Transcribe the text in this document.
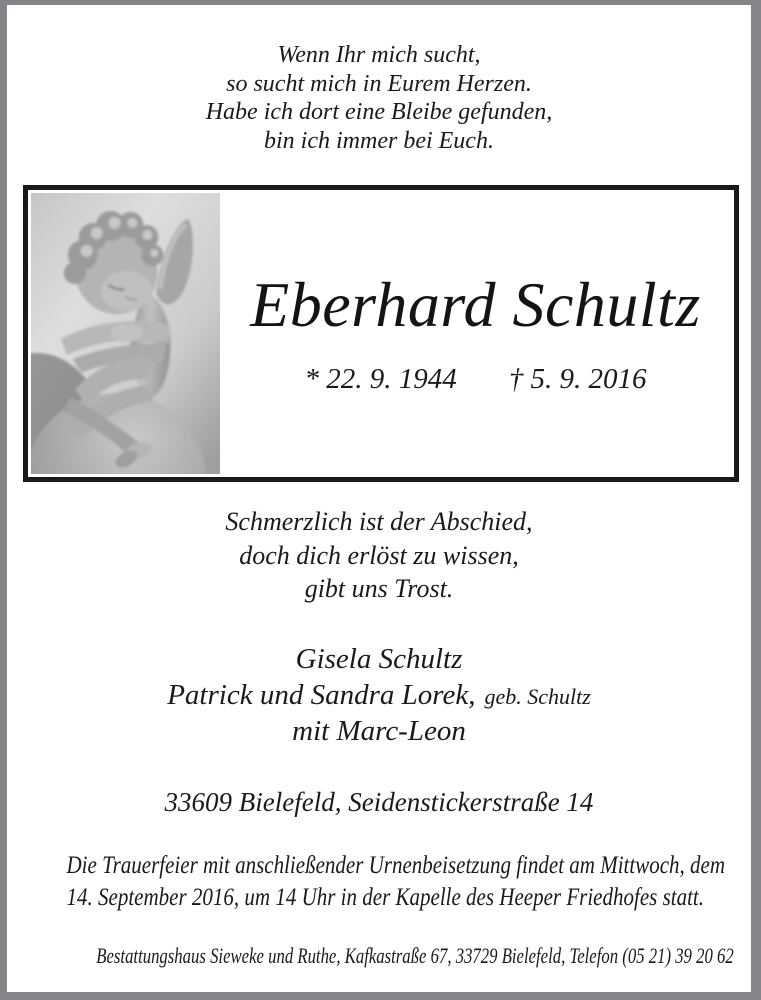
Wenn Ihr mich sucht,
so sucht mich in Eurem Herzen.
Habe ich dort eine Bleibe gefunden,
bin ich immer bei Euch.
Eberhard Schultz
* 22. 9. 1944 † 5. 9. 2016
Schmerzlich ist der Abschied,
doch dich erlöst zu wissen,
gibt uns Trost.
Gisela Schultz
Patrick und Sandra Lorek, geb. Schultz
mit Marc-Leon
33609 Bielefeld, Seidenstickerstraße 14
Die Trauerfeier mit anschließender Urnenbeisetzung findet am Mittwoch, dem
14. September 2016, um 14 Uhr in der Kapelle des Heeper Friedhofes statt.
Bestattungshaus Sieweke und Ruthe, Kafkastraße 67, 33729 Bielefeld, Telefon (05 21) 39 20 62
